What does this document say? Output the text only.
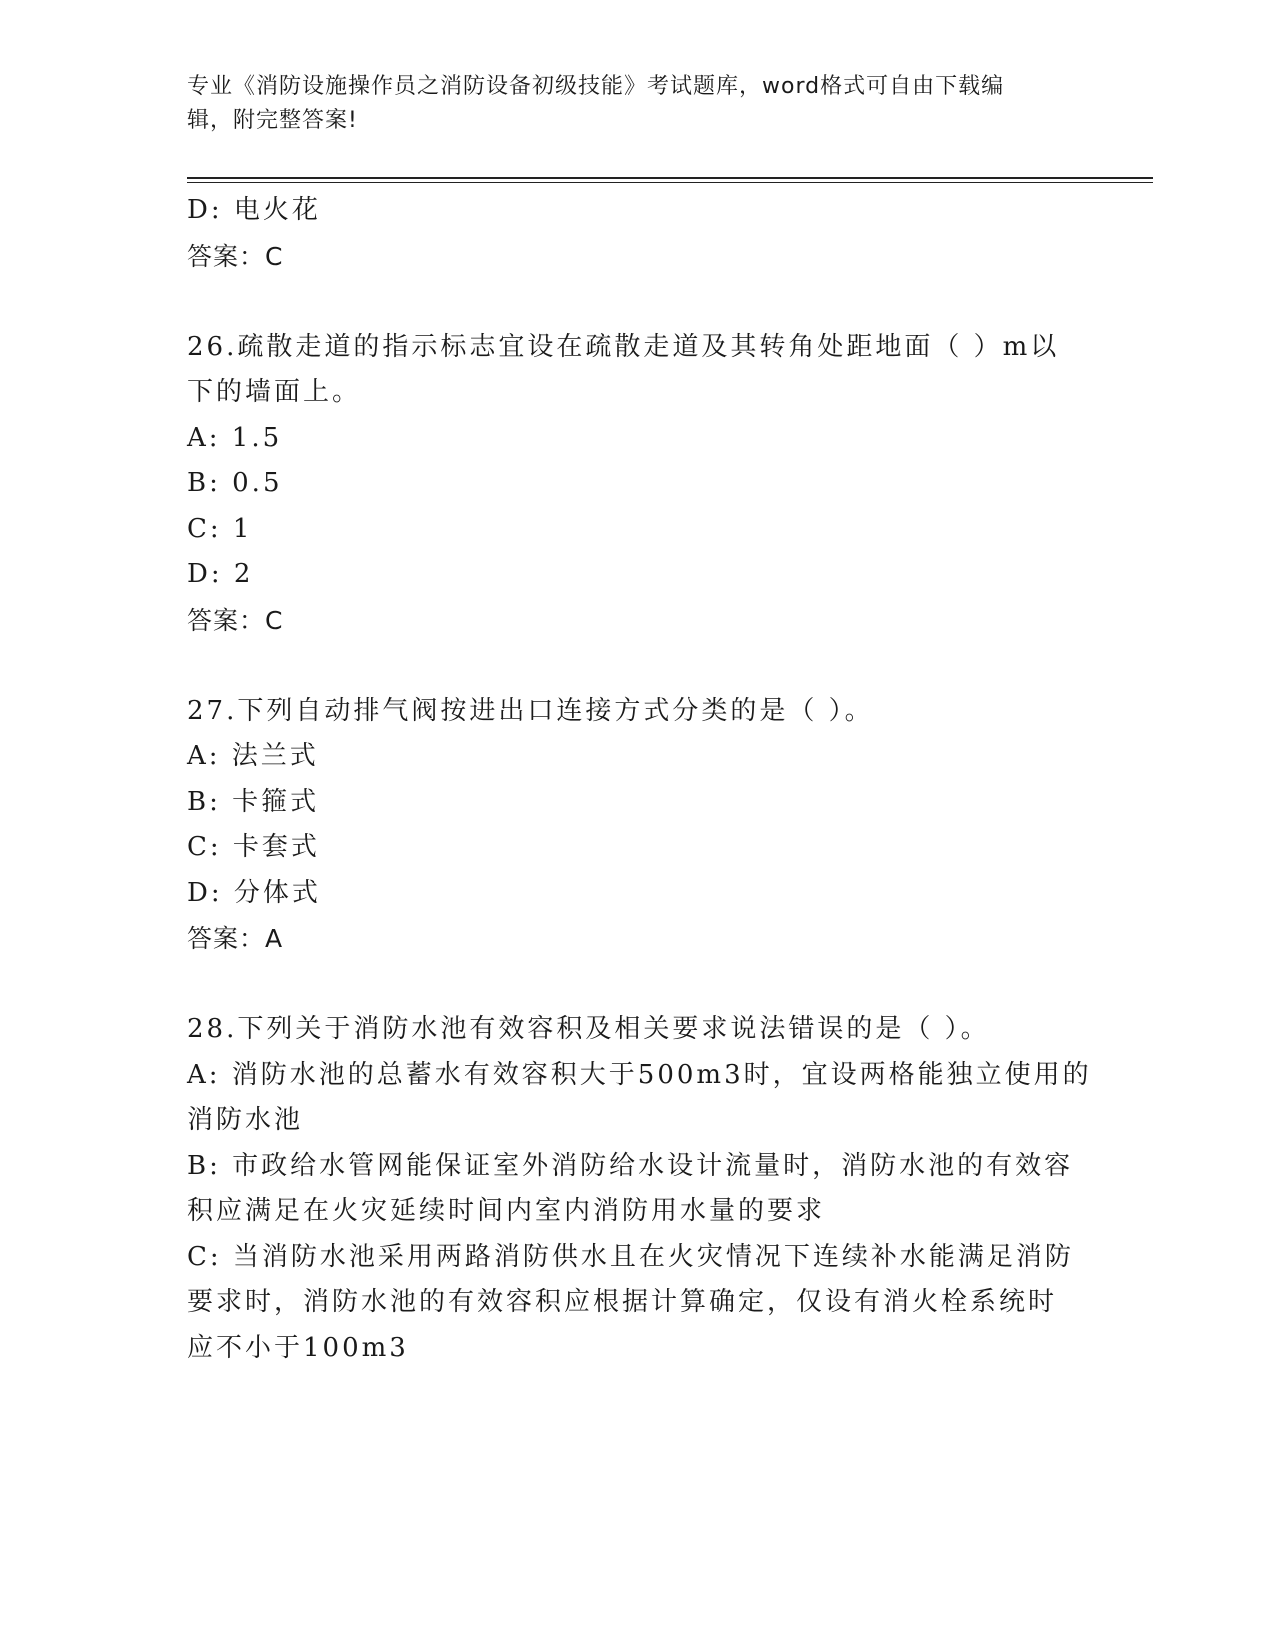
专业《消防设施操作员之消防设备初级技能》考试题库，word格式可自由下载编
辑，附完整答案!
D: 电火花
答案：C
26.疏散走道的指示标志宜设在疏散走道及其转角处距地面（ ）m以
下的墙面上。
A: 1.5
B: 0.5
C: 1
D: 2
答案：C
27.下列自动排气阀按进出口连接方式分类的是（ ）。
A: 法兰式
B: 卡箍式
C: 卡套式
D: 分体式
答案：A
28.下列关于消防水池有效容积及相关要求说法错误的是（ ）。
A: 消防水池的总蓄水有效容积大于500m3时，宜设两格能独立使用的
消防水池
B: 市政给水管网能保证室外消防给水设计流量时，消防水池的有效容
积应满足在火灾延续时间内室内消防用水量的要求
C: 当消防水池采用两路消防供水且在火灾情况下连续补水能满足消防
要求时，消防水池的有效容积应根据计算确定，仅设有消火栓系统时
应不小于100m3
